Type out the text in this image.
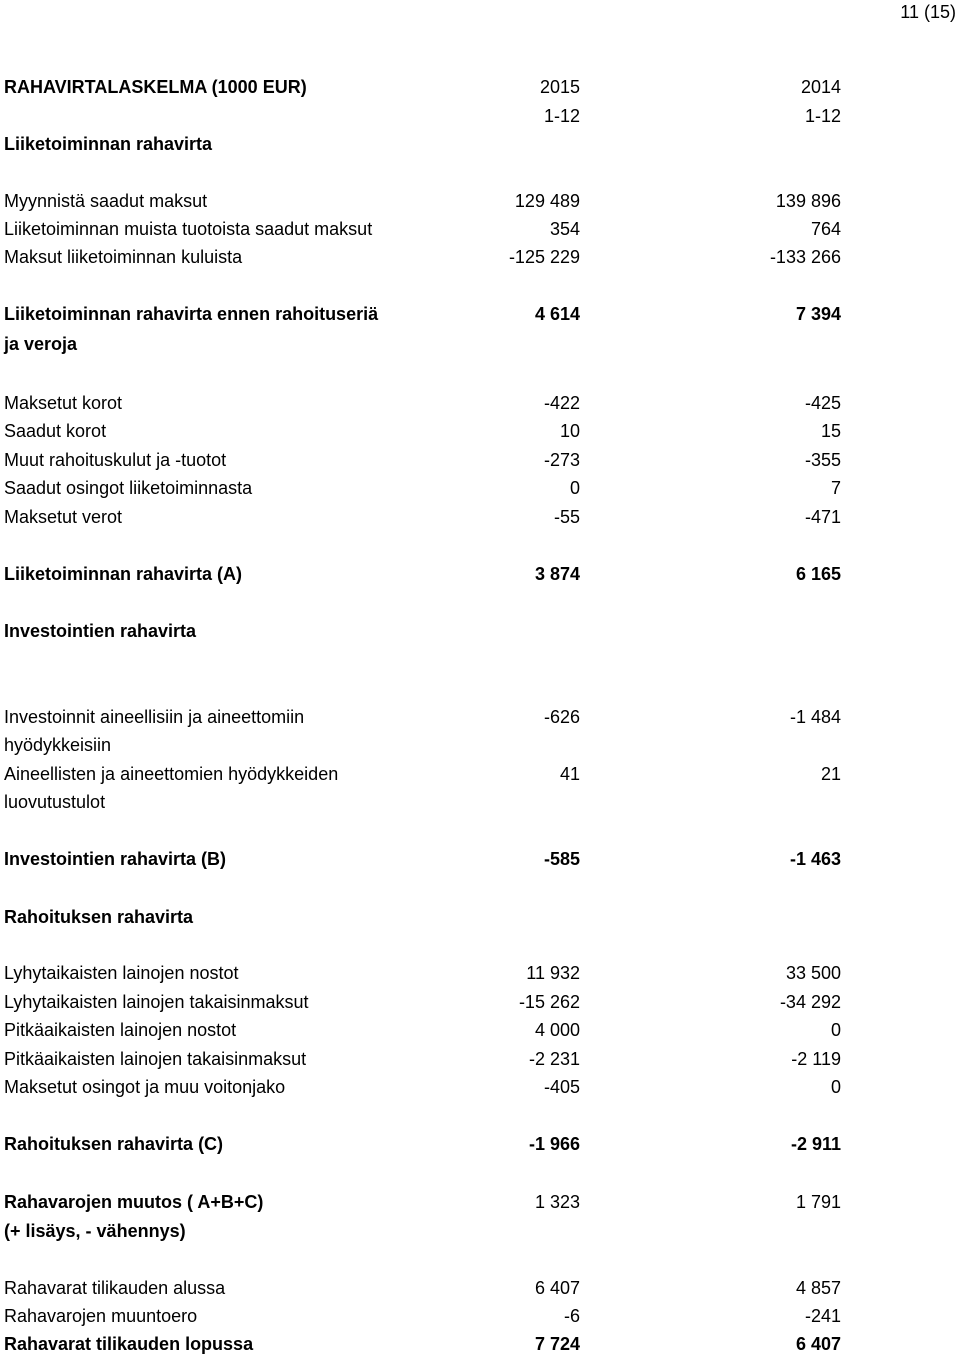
11 (15)
RAHAVIRTALASKELMA (1000 EUR)	2015	2014
1-12	1-12
Liiketoiminnan rahavirta
Myynnistä saadut maksut	129 489	139 896
Liiketoiminnan muista tuotoista saadut maksut	354	764
Maksut liiketoiminnan kuluista	-125 229	-133 266
Liiketoiminnan rahavirta ennen rahoituseriä	4 614	7 394
ja veroja
Maksetut korot	-422	-425
Saadut korot	10	15
Muut rahoituskulut ja -tuotot	-273	-355
Saadut osingot liiketoiminnasta	0	7
Maksetut verot	-55	-471
Liiketoiminnan rahavirta (A)	3 874	6 165
Investointien rahavirta
Investoinnit aineellisiin ja aineettomiin	-626	-1 484
hyödykkeisiin
Aineellisten ja aineettomien hyödykkeiden	41	21
luovutustulot
Investointien rahavirta (B)	-585	-1 463
Rahoituksen rahavirta
Lyhytaikaisten lainojen nostot	11 932	33 500
Lyhytaikaisten lainojen takaisinmaksut	-15 262	-34 292
Pitkäaikaisten lainojen nostot	4 000	0
Pitkäaikaisten lainojen takaisinmaksut	-2 231	-2 119
Maksetut osingot ja muu voitonjako	-405	0
Rahoituksen rahavirta (C)	-1 966	-2 911
Rahavarojen muutos ( A+B+C)	1 323	1 791
(+ lisäys, - vähennys)
Rahavarat tilikauden alussa	6 407	4 857
Rahavarojen muuntoero	-6	-241
Rahavarat tilikauden lopussa	7 724	6 407
